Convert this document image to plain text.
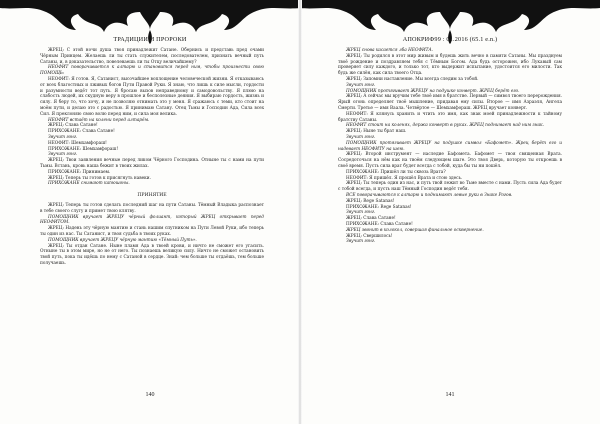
ТРАДИЦИИ И ПРОРОКИ

ЖРЕЦ: С этой ночи душа твоя принадлежит Сатане. Обернись и представь пред очами Чёрным Принцем. Желаешь ли ты стать служителем, последователем, признать вечный путь Сатаны, и, в доказательство, повелеваешь ли ты Отцу величайшему?

НЕОФИТ поворачивается к алтарю и становится перед ним, чтобы произнести свою ПОМОЩЬ:

НЕОФИТ: Я готов. Я, Сатанист, высочайшее воплощение человеческой жизни. Я отказываюсь от всех благостных и лживых богов Пути Правой Руки. Я знаю, что лишь к силе мысли, гордости и разумности ведёт тот путь. Я бросаю вызов неправедному и самодовольству. Я плюю на слабость людей, их скудную веру в прошлое и бесполезные деяния. Я выбираю гордость, жизнь и силу. Я беру то, что хочу, и не позволяю отнимать это у меня. Я сражаюсь с теми, кто стоит на моём пути, и делаю это с радостью. Я принимаю Сатану. Отец Тьмы и Господин Ада, Сила всех Сил. Я преклоняю свою волю перед ним, и сила моя велика.

НЕОФИТ встаёт на колени перед алтарём.

ЖРЕЦ: Слава Сатане!

ПРИХОЖАНЕ: Слава Сатане!

Звучит гонг.

НЕОФИТ: Шемхамфораш!

ПРИХОЖАНЕ: Шемхамфораш!

Звучит гонг.

ЖРЕЦ: Твои заявления вечные перед ликом Чёрного Господина. Отныне ты с нами на пути Тьмы. Встань, кровь наша бежит в твоих жилах.

ПРИХОЖАНЕ: Принимаем.

ЖРЕЦ: Теперь ты готов к присягнуть навеки.

ПРИХОЖАНЕ снимают капюшоны.

ПРИНЯТИЕ

ЖРЕЦ: Теперь ты готов сделать последний шаг на пути Сатаны. Тёмный Владыка распознает в тебе своего слугу и примет твою клятву.

ПОМОЩНИК вручает ЖРЕЦУ чёрный фолиант, который ЖРЕЦ открывает перед НЕОФИТОМ.

ЖРЕЦ: Надень эту чёрную мантию и стань нашим спутником на Пути Левой Руки, ибо теперь ты один из нас. Ты Сатанист, и твоя судьба в твоих руках.

ПОМОЩНИК вручает ЖРЕЦУ чёрную мантию «Тёмный Путь».

ЖРЕЦ: Ты отдан Сатане. Ныне пламя Ада в твоей крови, и ничто не сможет его угасить. Отныне ты в этом мире, но не от него. Ты познаешь великую силу. Ничто не сможет остановить твой путь, пока ты идёшь по нему с Сатаной в сердце. Знай: чем больше ты отдаёшь, тем больше получаешь.

140
АПОКРИФ99 : 01.2016 (65.1 e.n.)

ЖРЕЦ снова касается лба НЕОФИТА.

ЖРЕЦ: Ты родился в этот мир живым и будешь жить вечно в памяти Сатаны. Мы празднуем твоё рождение и поздравляем тебя с Тёмным Богом. Ада будь осторожен, ибо Лукавый сам проверяет силу каждого, и только тот, кто выдержит испытание, удостоится его милости. Так будь же силён, как сила твоего Отца.

ЖРЕЦ: Запомни наставление. Мы всегда следим за тобой.

Звучит гонг.

ПОМОЩНИК протягивает ЖРЕЦУ на подушке конверт. ЖРЕЦ берёт его.

ЖРЕЦ: А сейчас мы вручим тебе твоё имя в братстве. Первый — символ твоего перерождения. Ярый огонь определяет твоё мышление, придавая ему силы. Второе — имя Азраэля, Ангела Смерти. Третье — имя Ваала. Четвёртое — Шемхамфораш. ЖРЕЦ вручает конверт.

НЕОФИТ: Я клянусь хранить и чтить это имя, как знак моей принадлежности к тайному братству Сатаны.

НЕОФИТ стоит на коленях, держа конверт в руках. ЖРЕЦ поднимает над ним знак.

ЖРЕЦ: Ныне ты брат наш.

Звучит гонг.

ПОМОЩНИК протягивает ЖРЕЦУ на подушке символ «Бафомет». Жрец берёт его и надевает НЕОФИТУ на шею.

ЖРЕЦ: Второй инструмент — наследие Бафомета. Бафомет — твоя священная Врата. Сосредоточься на нём как на твоём следующем шаге. Это твоя Дверь, которую ты откроешь в своё время. Пусть сила врат будет всегда с тобой, куда бы ты ни пошёл.

ПРИХОЖАНЕ: Пришёл ли ты сквозь Врата?

НЕОФИТ: Я пришёл. Я прошёл Врата и стою здесь.

ЖРЕЦ: Ты теперь один из нас, и путь твой лежит во Тьме вместе с нами. Пусть сила Ада будет с тобой всегда, и пусть наш Тёмный Господин ведёт тебя.

ВСЕ поворачиваются к алтарю и поднимают левые руки в Знаке Рогов.

ЖРЕЦ: Rege Satanas!

ПРИХОЖАНЕ: Rege Satanas!

Звучит гонг.

ЖРЕЦ: Слава Сатане!

ПРИХОЖАНЕ: Слава Сатане!

ЖРЕЦ звонит в колокол, совершая финальное осквернение.

ЖРЕЦ: Свершилось!

Звучит гонг.

141
